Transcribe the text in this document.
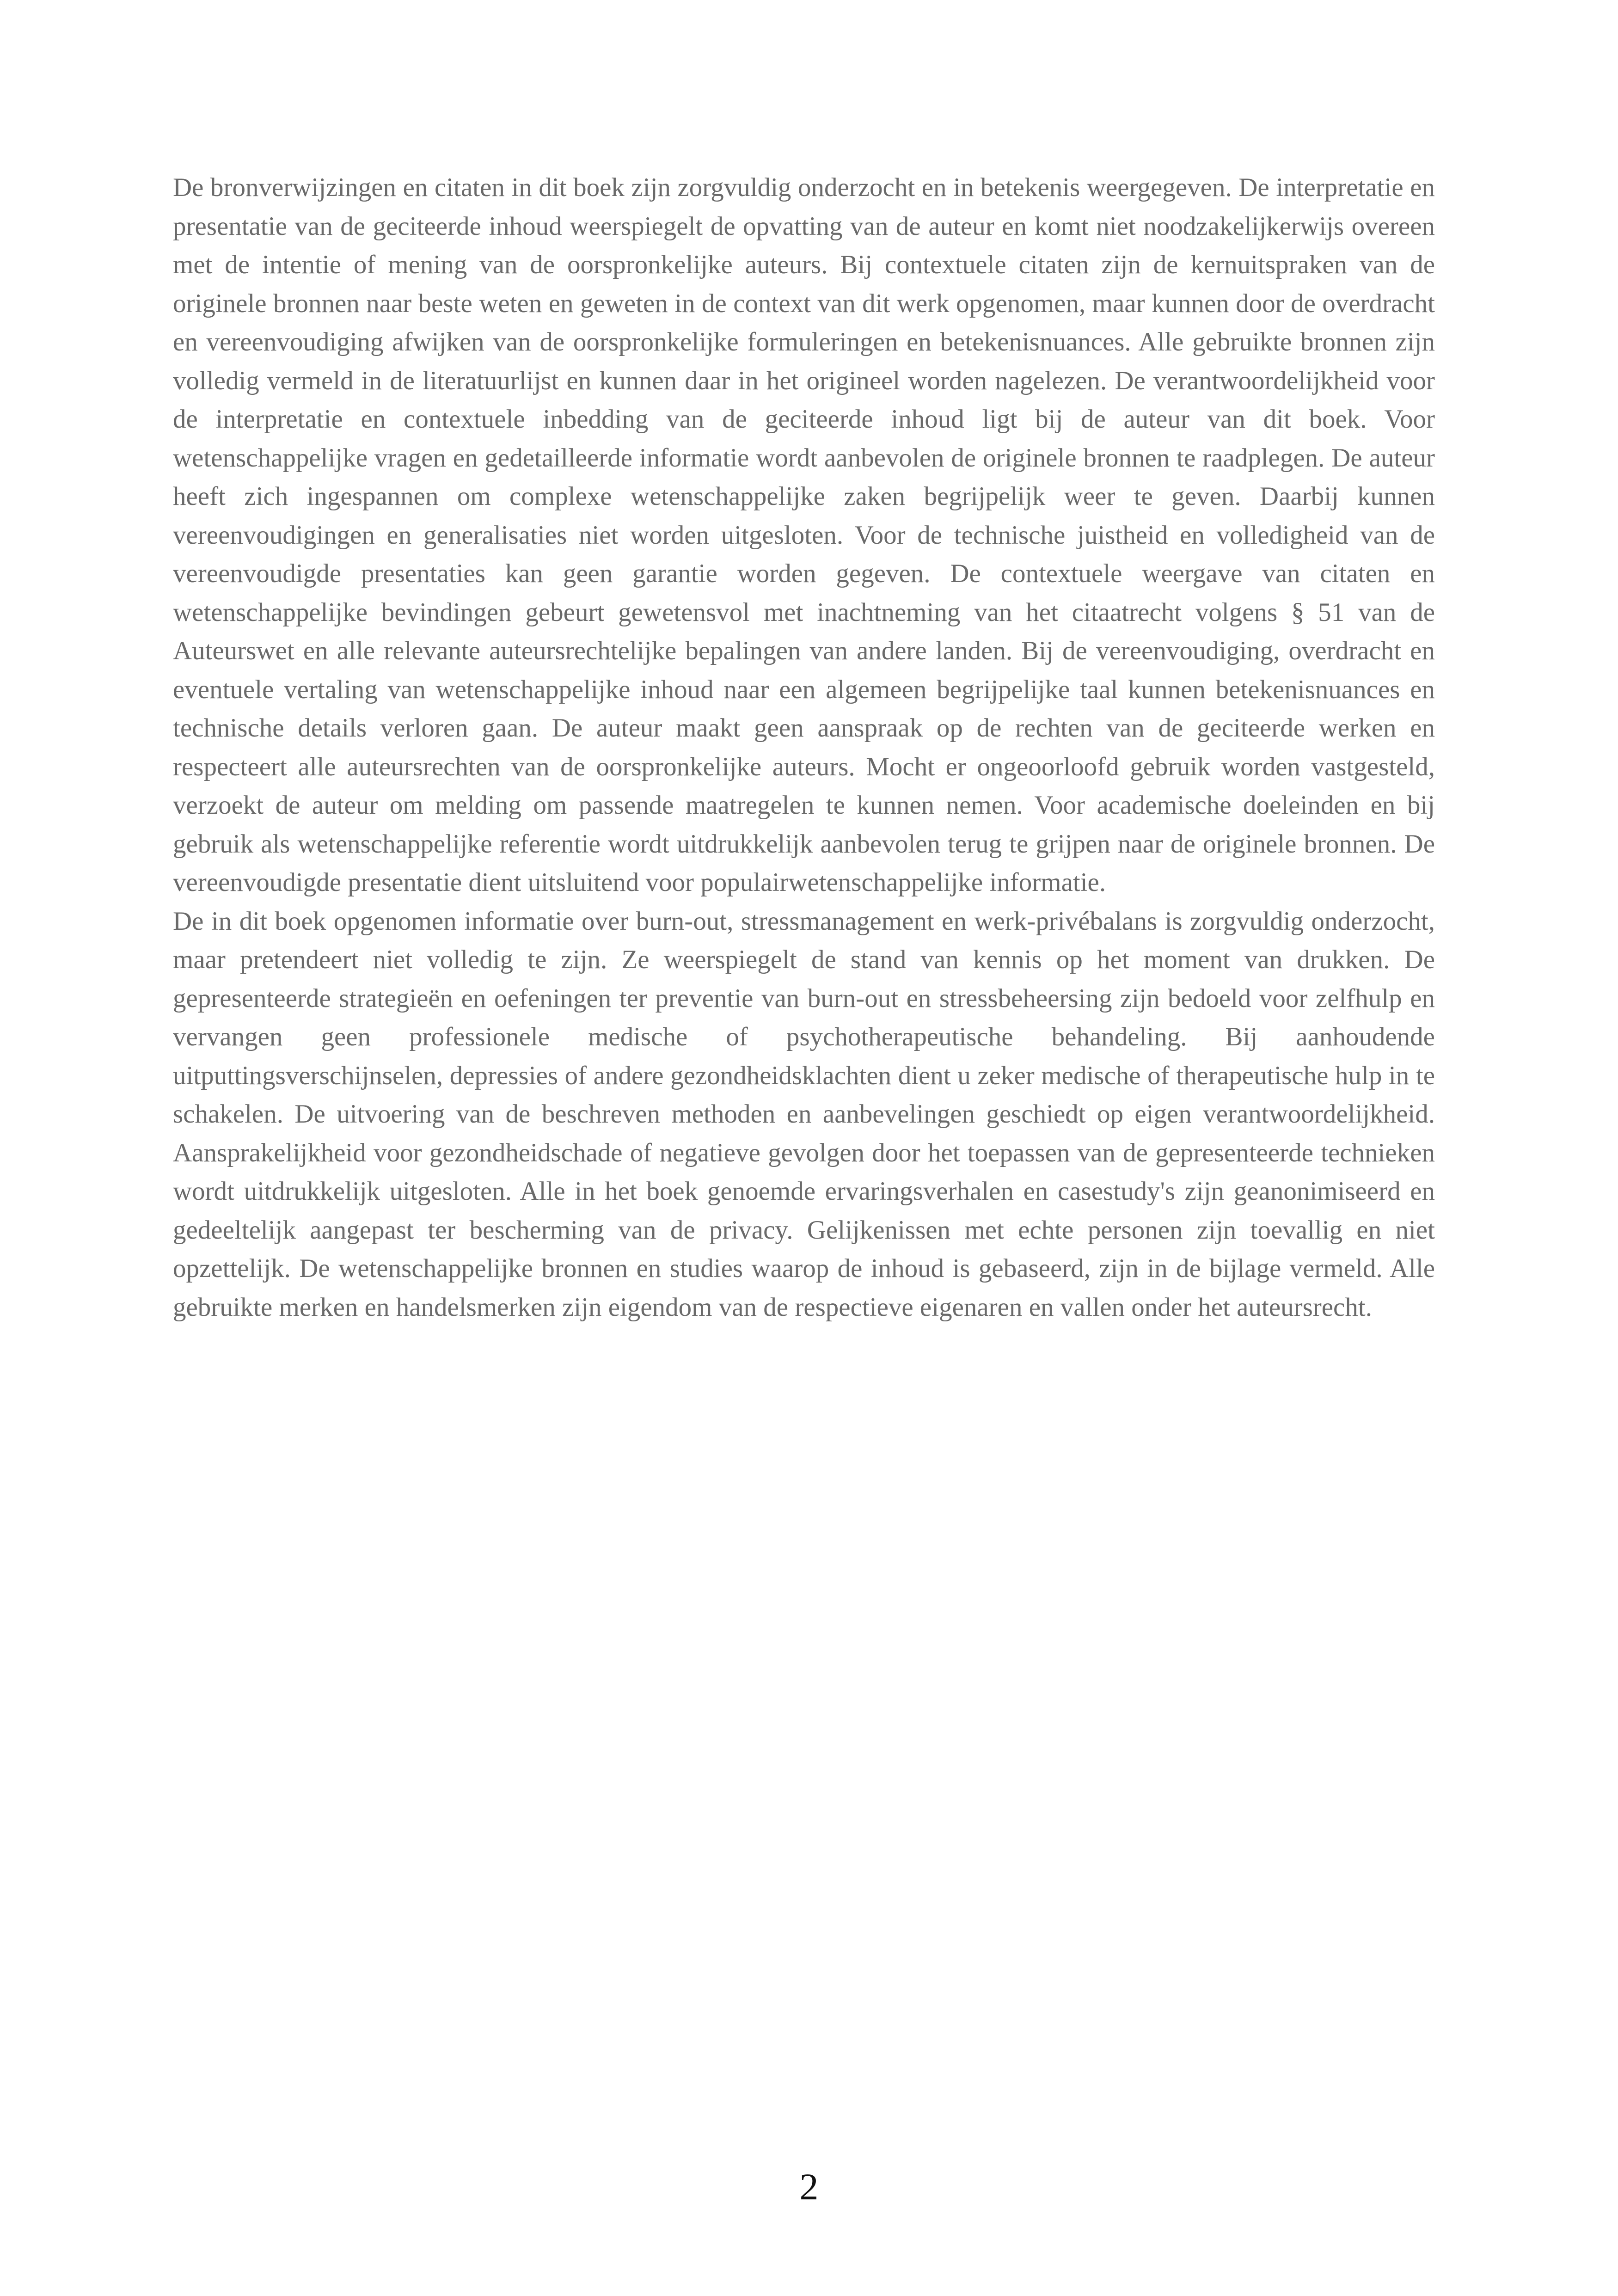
De bronverwijzingen en citaten in dit boek zijn zorgvuldig onderzocht en in betekenis weergegeven. De interpretatie en presentatie van de geciteerde inhoud weerspiegelt de opvatting van de auteur en komt niet noodzakelijkerwijs overeen met de intentie of mening van de oorspronkelijke auteurs. Bij contextuele citaten zijn de kernuitspraken van de originele bronnen naar beste weten en geweten in de context van dit werk opgenomen, maar kunnen door de overdracht en vereenvoudiging afwijken van de oorspronkelijke formuleringen en betekenisnuances. Alle gebruikte bronnen zijn volledig vermeld in de literatuurlijst en kunnen daar in het origineel worden nagelezen. De verantwoordelijkheid voor de interpretatie en contextuele inbedding van de geciteerde inhoud ligt bij de auteur van dit boek. Voor wetenschappelijke vragen en gedetailleerde informatie wordt aanbevolen de originele bronnen te raadplegen. De auteur heeft zich ingespannen om complexe wetenschappelijke zaken begrijpelijk weer te geven. Daarbij kunnen vereenvoudigingen en generalisaties niet worden uitgesloten. Voor de technische juistheid en volledigheid van de vereenvoudigde presentaties kan geen garantie worden gegeven. De contextuele weergave van citaten en wetenschappelijke bevindingen gebeurt gewetensvol met inachtneming van het citaatrecht volgens § 51 van de Auteurswet en alle relevante auteursrechtelijke bepalingen van andere landen. Bij de vereenvoudiging, overdracht en eventuele vertaling van wetenschappelijke inhoud naar een algemeen begrijpelijke taal kunnen betekenisnuances en technische details verloren gaan. De auteur maakt geen aanspraak op de rechten van de geciteerde werken en respecteert alle auteursrechten van de oorspronkelijke auteurs. Mocht er ongeoorloofd gebruik worden vastgesteld, verzoekt de auteur om melding om passende maatregelen te kunnen nemen. Voor academische doeleinden en bij gebruik als wetenschappelijke referentie wordt uitdrukkelijk aanbevolen terug te grijpen naar de originele bronnen. De vereenvoudigde presentatie dient uitsluitend voor populairwetenschappelijke informatie.

De in dit boek opgenomen informatie over burn-out, stressmanagement en werk-privébalans is zorgvuldig onderzocht, maar pretendeert niet volledig te zijn. Ze weerspiegelt de stand van kennis op het moment van drukken. De gepresenteerde strategieën en oefeningen ter preventie van burn-out en stressbeheersing zijn bedoeld voor zelfhulp en vervangen geen professionele medische of psychotherapeutische behandeling. Bij aanhoudende uitputtingsverschijnselen, depressies of andere gezondheidsklachten dient u zeker medische of therapeutische hulp in te schakelen. De uitvoering van de beschreven methoden en aanbevelingen geschiedt op eigen verantwoordelijkheid. Aansprakelijkheid voor gezondheidschade of negatieve gevolgen door het toepassen van de gepresenteerde technieken wordt uitdrukkelijk uitgesloten. Alle in het boek genoemde ervaringsverhalen en casestudy's zijn geanonimiseerd en gedeeltelijk aangepast ter bescherming van de privacy. Gelijkenissen met echte personen zijn toevallig en niet opzettelijk. De wetenschappelijke bronnen en studies waarop de inhoud is gebaseerd, zijn in de bijlage vermeld. Alle gebruikte merken en handelsmerken zijn eigendom van de respectieve eigenaren en vallen onder het auteursrecht.

2
